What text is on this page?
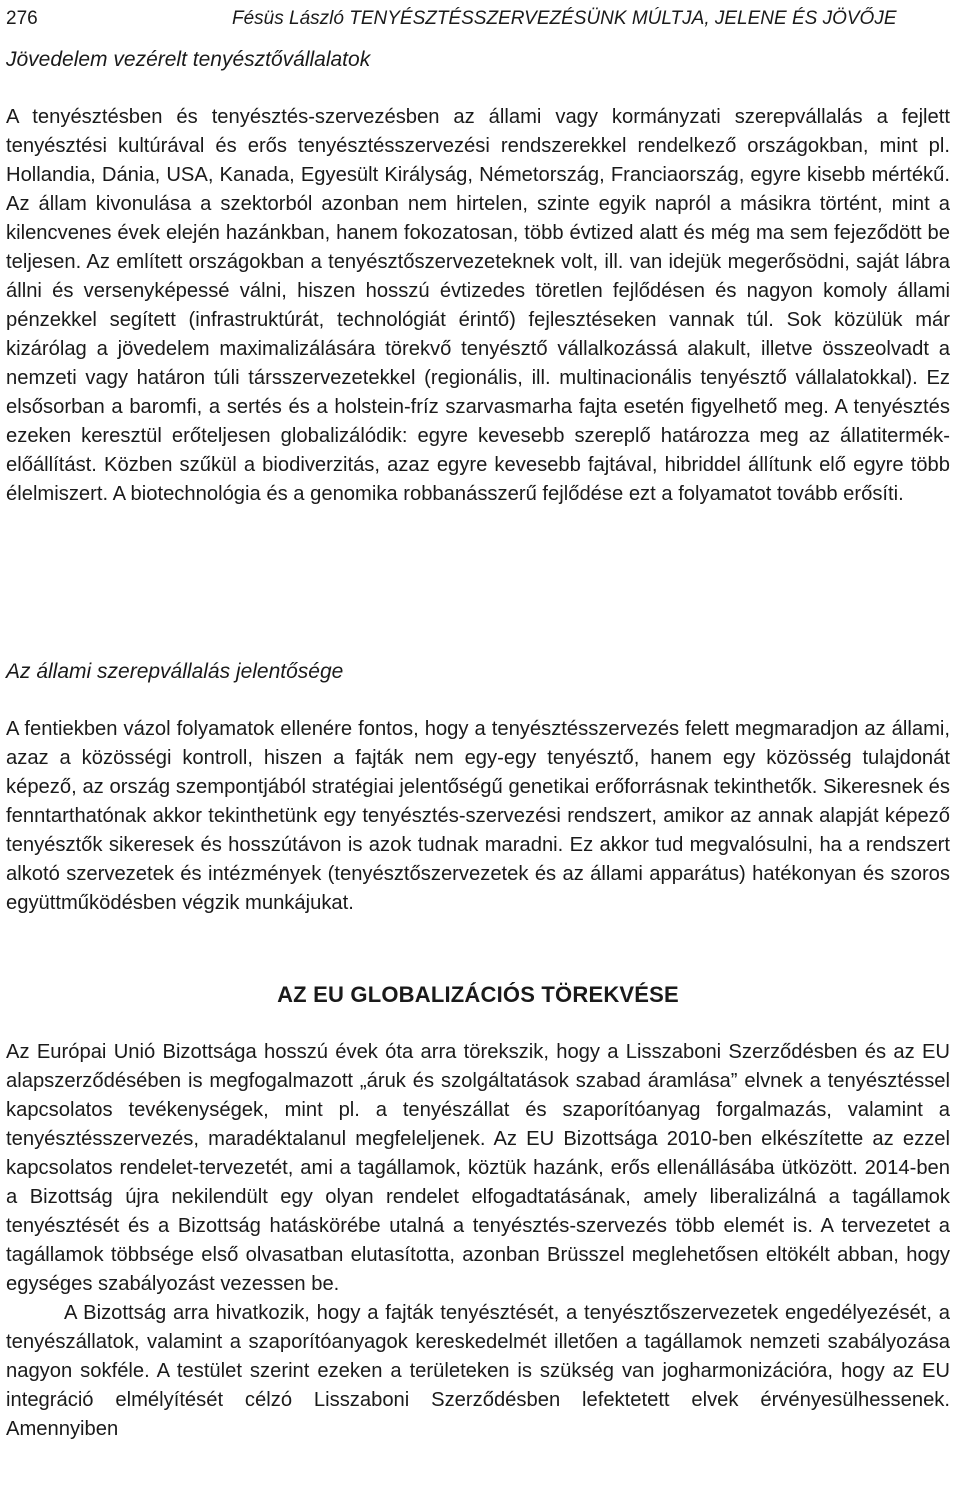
276	Fésüs László TENYÉSZTÉSSZERVEZÉSÜNK MÚLTJA, JELENE ÉS JÖVŐJE
Jövedelem vezérelt tenyésztővállalatok

A tenyésztésben és tenyésztés-szervezésben az állami vagy kormányzati szerepvállalás a fejlett tenyésztési kultúrával és erős tenyésztésszervezési rendszerekkel rendelkező országokban, mint pl. Hollandia, Dánia, USA, Kanada, Egyesült Királyság, Németország, Franciaország, egyre kisebb mértékű. Az állam kivonulása a szektorból azonban nem hirtelen, szinte egyik napról a másikra történt, mint a kilencvenes évek elején hazánkban, hanem fokozatosan, több évtized alatt és még ma sem fejeződött be teljesen. Az említett országokban a tenyésztőszervezeteknek volt, ill. van idejük megerősödni, saját lábra állni és versenyképessé válni, hiszen hosszú évtizedes töretlen fejlődésen és nagyon komoly állami pénzekkel segített (infrastruktúrát, technológiát érintő) fejlesztéseken vannak túl. Sok közülük már kizárólag a jövedelem maximalizálására törekvő tenyésztő vállalkozássá alakult, illetve összeolvadt a nemzeti vagy határon túli társszervezetekkel (regionális, ill. multinacionális tenyésztő vállalatokkal). Ez elsősorban a baromfi, a sertés és a holstein-fríz szarvasmarha fajta esetén figyelhető meg. A tenyésztés ezeken keresztül erőteljesen globalizálódik: egyre kevesebb szereplő határozza meg az állatitermék-előállítást. Közben szűkül a biodiverzitás, azaz egyre kevesebb fajtával, hibriddel állítunk elő egyre több élelmiszert. A biotechnológia és a genomika robbanásszerű fejlődése ezt a folyamatot tovább erősíti.

Az állami szerepvállalás jelentősége

A fentiekben vázol folyamatok ellenére fontos, hogy a tenyésztésszervezés felett megmaradjon az állami, azaz a közösségi kontroll, hiszen a fajták nem egy-egy tenyésztő, hanem egy közösség tulajdonát képező, az ország szempontjából stratégiai jelentőségű genetikai erőforrásnak tekinthetők. Sikeresnek és fenntarthatónak akkor tekinthetünk egy tenyésztés-szervezési rendszert, amikor az annak alapját képező tenyésztők sikeresek és hosszútávon is azok tudnak maradni. Ez akkor tud megvalósulni, ha a rendszert alkotó szervezetek és intézmények (tenyésztőszervezetek és az állami apparátus) hatékonyan és szoros együttműködésben végzik munkájukat.

AZ EU GLOBALIZÁCIÓS TÖREKVÉSE

Az Európai Unió Bizottsága hosszú évek óta arra törekszik, hogy a Lisszaboni Szerződésben és az EU alapszerződésében is megfogalmazott „áruk és szolgáltatások szabad áramlása” elvnek a tenyésztéssel kapcsolatos tevékenységek, mint pl. a tenyészállat és szaporítóanyag forgalmazás, valamint a tenyésztésszervezés, maradéktalanul megfeleljenek. Az EU Bizottsága 2010-ben elkészítette az ezzel kapcsolatos rendelet-tervezetét, ami a tagállamok, köztük hazánk, erős ellenállásába ütközött. 2014-ben a Bizottság újra nekilendült egy olyan rendelet elfogadtatásának, amely liberalizálná a tagállamok tenyésztését és a Bizottság hatáskörébe utalná a tenyésztés-szervezés több elemét is. A tervezetet a tagállamok többsége első olvasatban elutasította, azonban Brüsszel meglehetősen eltökélt abban, hogy egységes szabályozást vezessen be.

A Bizottság arra hivatkozik, hogy a fajták tenyésztését, a tenyésztőszervezetek engedélyezését, a tenyészállatok, valamint a szaporítóanyagok kereskedelmét illetően a tagállamok nemzeti szabályozása nagyon sokféle. A testület szerint ezeken a területeken is szükség van jogharmonizációra, hogy az EU integráció elmélyítését célzó Lisszaboni Szerződésben lefektetett elvek érvényesülhessenek. Amennyiben
